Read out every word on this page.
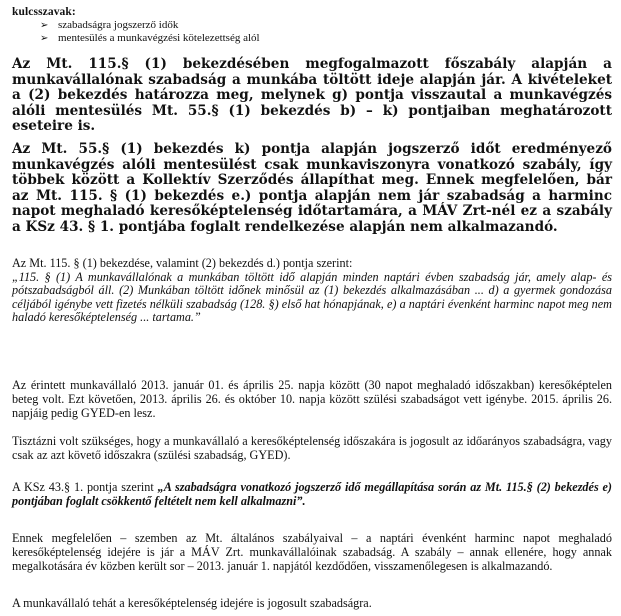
kulcsszavak:
➢ szabadságra jogszerző idők
➢ mentesülés a munkavégzési kötelezettség alól

Az Mt. 115.§ (1) bekezdésében megfogalmazott főszabály alapján a munkavállalónak szabadság a munkába töltött ideje alapján jár. A kivételeket a (2) bekezdés határozza meg, melynek g) pontja visszautal a munkavégzés alóli mentesülés Mt. 55.§ (1) bekezdés b) – k) pontjaiban meghatározott eseteire is.

Az Mt. 55.§ (1) bekezdés k) pontja alapján jogszerző időt eredményező munkavégzés alóli mentesülést csak munkaviszonyra vonatkozó szabály, így többek között a Kollektív Szerződés állapíthat meg. Ennek megfelelően, bár az Mt. 115. § (1) bekezdés e.) pontja alapján nem jár szabadság a harminc napot meghaladó keresőképtelenség időtartamára, a MÁV Zrt-nél ez a szabály a KSz 43. § 1. pontjába foglalt rendelkezése alapján nem alkalmazandó.

Az Mt. 115. § (1) bekezdése, valamint (2) bekezdés d.) pontja szerint:
„115. § (1) A munkavállalónak a munkában töltött idő alapján minden naptári évben szabadság jár, amely alap- és pótszabadságból áll. (2) Munkában töltött időnek minősül az (1) bekezdés alkalmazásában ... d) a gyermek gondozása céljából igénybe vett fizetés nélküli szabadság (128. §) első hat hónapjának, e) a naptári évenként harminc napot meg nem haladó keresőképtelenség ... tartama.”

Az érintett munkavállaló 2013. január 01. és április 25. napja között (30 napot meghaladó időszakban) keresőképtelen beteg volt. Ezt követően, 2013. április 26. és október 10. napja között szülési szabadságot vett igénybe. 2015. április 26. napjáig pedig GYED-en lesz.

Tisztázni volt szükséges, hogy a munkavállaló a keresőképtelenség időszakára is jogosult az időarányos szabadságra, vagy csak az azt követő időszakra (szülési szabadság, GYED).

A KSz 43.§ 1. pontja szerint „A szabadságra vonatkozó jogszerző idő megállapítása során az Mt. 115.§ (2) bekezdés e) pontjában foglalt csökkentő feltételt nem kell alkalmazni”.

Ennek megfelelően – szemben az Mt. általános szabályaival – a naptári évenként harminc napot meghaladó keresőképtelenség idejére is jár a MÁV Zrt. munkavállalóinak szabadság. A szabály – annak ellenére, hogy annak megalkotására év közben került sor – 2013. január 1. napjától kezdődően, visszamenőlegesen is alkalmazandó.

A munkavállaló tehát a keresőképtelenség idejére is jogosult szabadságra.
